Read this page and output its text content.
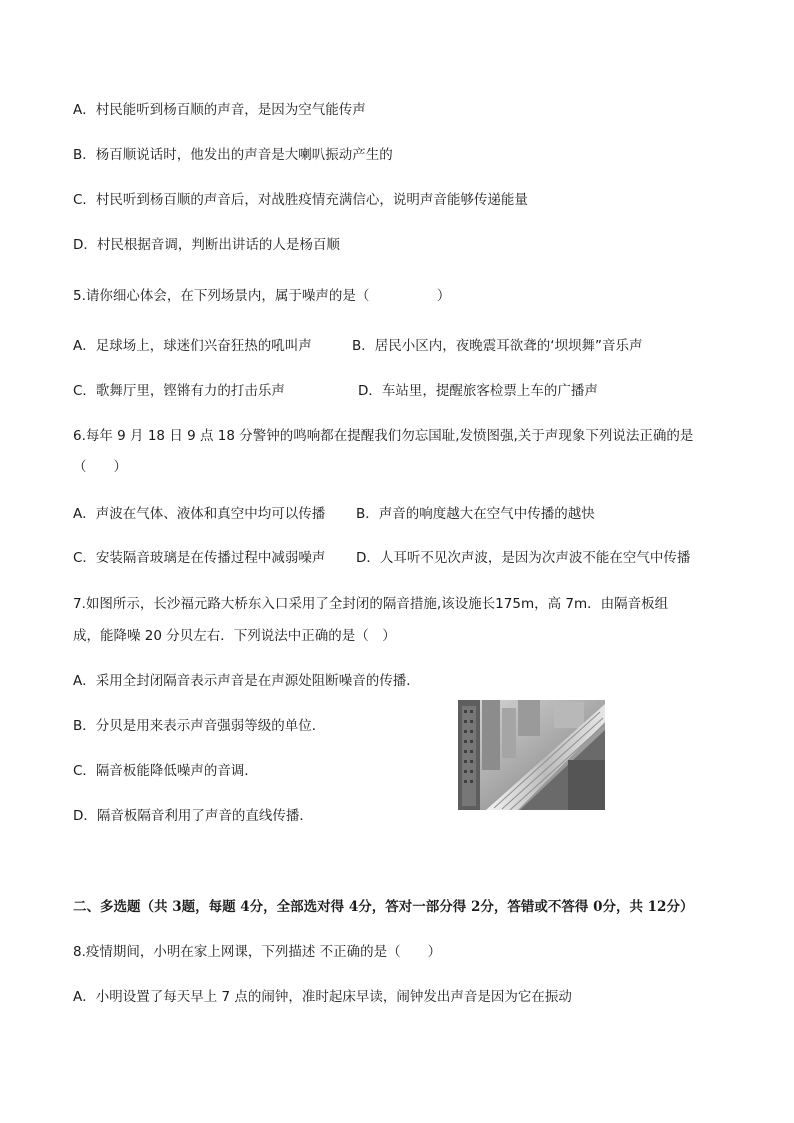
A．村民能听到杨百顺的声音，是因为空气能传声
B．杨百顺说话时，他发出的声音是大喇叭振动产生的
C．村民听到杨百顺的声音后，对战胜疫情充满信心，说明声音能够传递能量
D．村民根据音调，判断出讲话的人是杨百顺
5.请你细心体会，在下列场景内，属于噪声的是（　　　　　）
A．足球场上，球迷们兴奋狂热的吼叫声	B．居民小区内，夜晚震耳欲聋的‘坝坝舞”音乐声
C．歌舞厅里，铿锵有力的打击乐声	D．车站里，提醒旅客检票上车的广播声
6.每年 9 月 18 日 9 点 18 分警钟的鸣响都在提醒我们勿忘国耻,发愤图强,关于声现象下列说法正确的是
（　　）
A．声波在气体、液体和真空中均可以传播 B．声音的响度越大在空气中传播的越快
C．安装隔音玻璃是在传播过程中减弱噪声 D．人耳听不见次声波，是因为次声波不能在空气中传播
7.如图所示，长沙福元路大桥东入口采用了全封闭的隔音措施,该设施长175m，高 7m．由隔音板组
成，能降噪 20 分贝左右．下列说法中正确的是（　）
A．采用全封闭隔音表示声音是在声源处阻断噪音的传播．
B．分贝是用来表示声音强弱等级的单位．
C．隔音板能降低噪声的音调．
D．隔音板隔音利用了声音的直线传播．
二、多选题（共 3题，每题 4分，全部选对得 4分，答对一部分得 2分，答错或不答得 0分，共 12分）
8.疫情期间，小明在家上网课，下列描述 不正确的是（　　）
A．小明设置了每天早上 7 点的闹钟，准时起床早读，闹钟发出声音是因为它在振动
